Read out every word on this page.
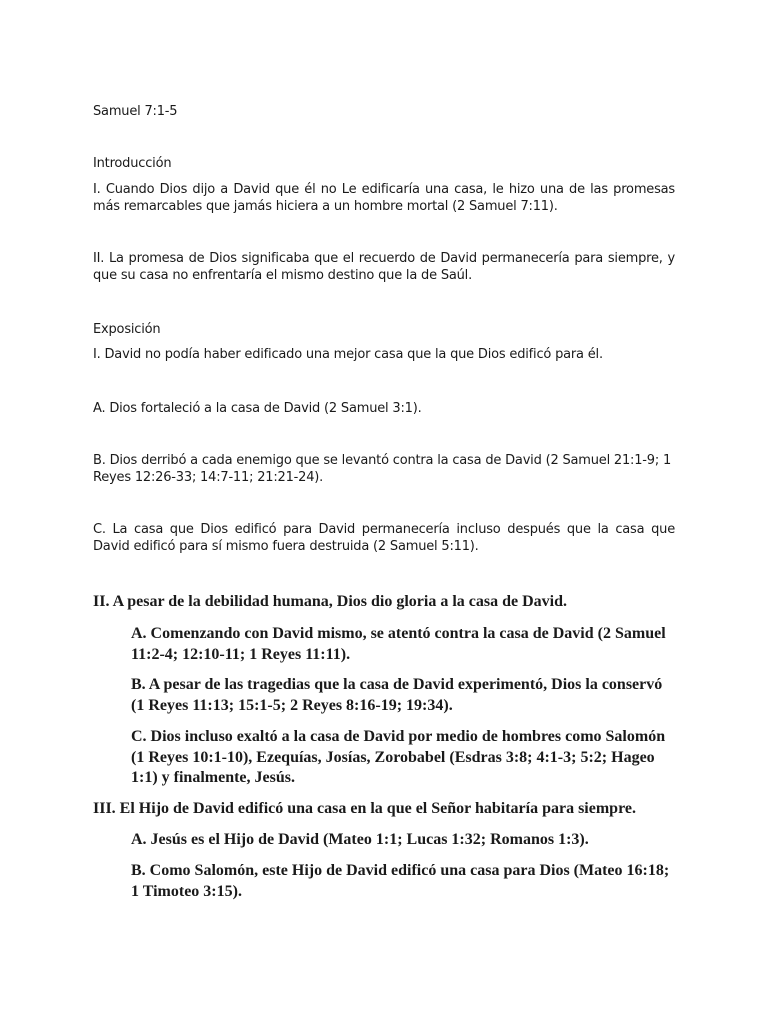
Samuel 7:1-5
Introducción
I. Cuando Dios dijo a David que él no Le edificaría una casa, le hizo una de las promesas más remarcables que jamás hiciera a un hombre mortal (2 Samuel 7:11).
II. La promesa de Dios significaba que el recuerdo de David permanecería para siempre, y que su casa no enfrentaría el mismo destino que la de Saúl.
Exposición
I. David no podía haber edificado una mejor casa que la que Dios edificó para él.
A. Dios fortaleció a la casa de David (2 Samuel 3:1).
B. Dios derribó a cada enemigo que se levantó contra la casa de David (2 Samuel 21:1-9; 1 Reyes 12:26-33; 14:7-11; 21:21-24).
C. La casa que Dios edificó para David permanecería incluso después que la casa que David edificó para sí mismo fuera destruida (2 Samuel 5:11).
II. A pesar de la debilidad humana, Dios dio gloria a la casa de David.
A. Comenzando con David mismo, se atentó contra la casa de David (2 Samuel 11:2-4; 12:10-11; 1 Reyes 11:11).
B. A pesar de las tragedias que la casa de David experimentó, Dios la conservó (1 Reyes 11:13; 15:1-5; 2 Reyes 8:16-19; 19:34).
C. Dios incluso exaltó a la casa de David por medio de hombres como Salomón (1 Reyes 10:1-10), Ezequías, Josías, Zorobabel (Esdras 3:8; 4:1-3; 5:2; Hageo 1:1) y finalmente, Jesús.
III. El Hijo de David edificó una casa en la que el Señor habitaría para siempre.
A. Jesús es el Hijo de David (Mateo 1:1; Lucas 1:32; Romanos 1:3).
B. Como Salomón, este Hijo de David edificó una casa para Dios (Mateo 16:18; 1 Timoteo 3:15).
